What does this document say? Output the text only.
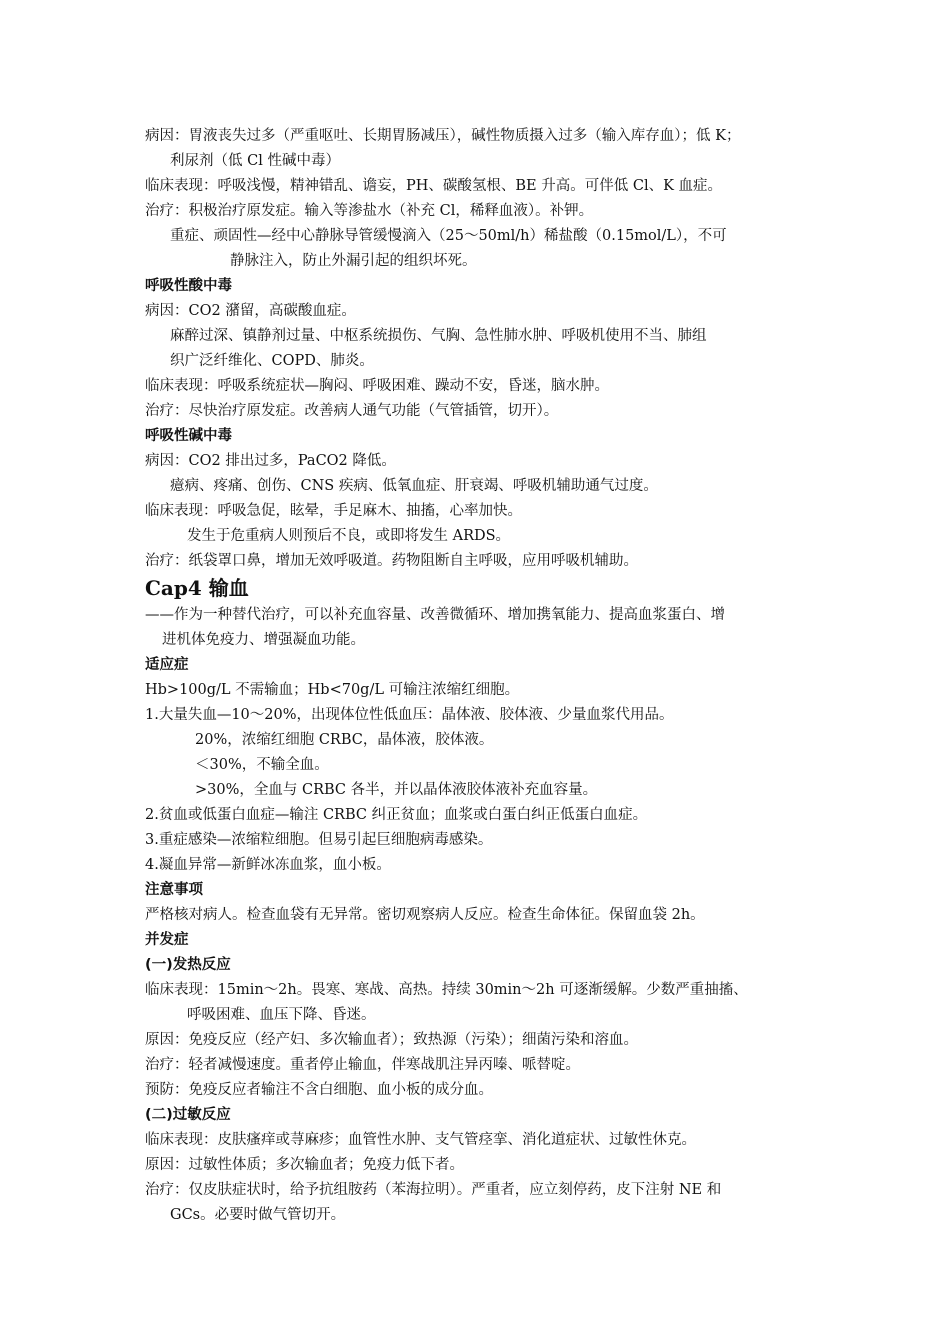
病因：胃液丧失过多（严重呕吐、长期胃肠减压），碱性物质摄入过多（输入库存血）；低 K；

利尿剂（低 Cl 性碱中毒）

临床表现：呼吸浅慢，精神错乱、谵妄，PH、碳酸氢根、BE 升高。可伴低 Cl、K 血症。

治疗：积极治疗原发症。输入等渗盐水（补充 Cl，稀释血液）。补钾。

重症、顽固性—经中心静脉导管缓慢滴入（25～50ml/h）稀盐酸（0.15mol/L），不可

静脉注入，防止外漏引起的组织坏死。

呼吸性酸中毒

病因：CO2 潴留，高碳酸血症。

麻醉过深、镇静剂过量、中枢系统损伤、气胸、急性肺水肿、呼吸机使用不当、肺组

织广泛纤维化、COPD、肺炎。

临床表现：呼吸系统症状—胸闷、呼吸困难、躁动不安，昏迷，脑水肿。

治疗：尽快治疗原发症。改善病人通气功能（气管插管，切开）。

呼吸性碱中毒

病因：CO2 排出过多，PaCO2 降低。

癔病、疼痛、创伤、CNS 疾病、低氧血症、肝衰竭、呼吸机辅助通气过度。

临床表现：呼吸急促，眩晕，手足麻木、抽搐，心率加快。

发生于危重病人则预后不良，或即将发生 ARDS。

治疗：纸袋罩口鼻，增加无效呼吸道。药物阻断自主呼吸，应用呼吸机辅助。

Cap4 输血

——作为一种替代治疗，可以补充血容量、改善微循环、增加携氧能力、提高血浆蛋白、增

进机体免疫力、增强凝血功能。

适应症

Hb>100g/L 不需输血；Hb<70g/L 可输注浓缩红细胞。

1.大量失血—10～20%，出现体位性低血压：晶体液、胶体液、少量血浆代用品。

20%，浓缩红细胞 CRBC，晶体液，胶体液。

＜30%，不输全血。

>30%，全血与 CRBC 各半，并以晶体液胶体液补充血容量。

2.贫血或低蛋白血症—输注 CRBC 纠正贫血；血浆或白蛋白纠正低蛋白血症。

3.重症感染—浓缩粒细胞。但易引起巨细胞病毒感染。

4.凝血异常—新鲜冰冻血浆，血小板。

注意事项

严格核对病人。检查血袋有无异常。密切观察病人反应。检查生命体征。保留血袋 2h。

并发症

(一)发热反应

临床表现：15min～2h。畏寒、寒战、高热。持续 30min～2h 可逐渐缓解。少数严重抽搐、

呼吸困难、血压下降、昏迷。

原因：免疫反应（经产妇、多次输血者）；致热源（污染）；细菌污染和溶血。

治疗：轻者减慢速度。重者停止输血，伴寒战肌注异丙嗪、哌替啶。

预防：免疫反应者输注不含白细胞、血小板的成分血。

(二)过敏反应

临床表现：皮肤瘙痒或荨麻疹；血管性水肿、支气管痉挛、消化道症状、过敏性休克。

原因：过敏性体质；多次输血者；免疫力低下者。

治疗：仅皮肤症状时，给予抗组胺药（苯海拉明）。严重者，应立刻停药，皮下注射 NE 和

GCs。必要时做气管切开。
